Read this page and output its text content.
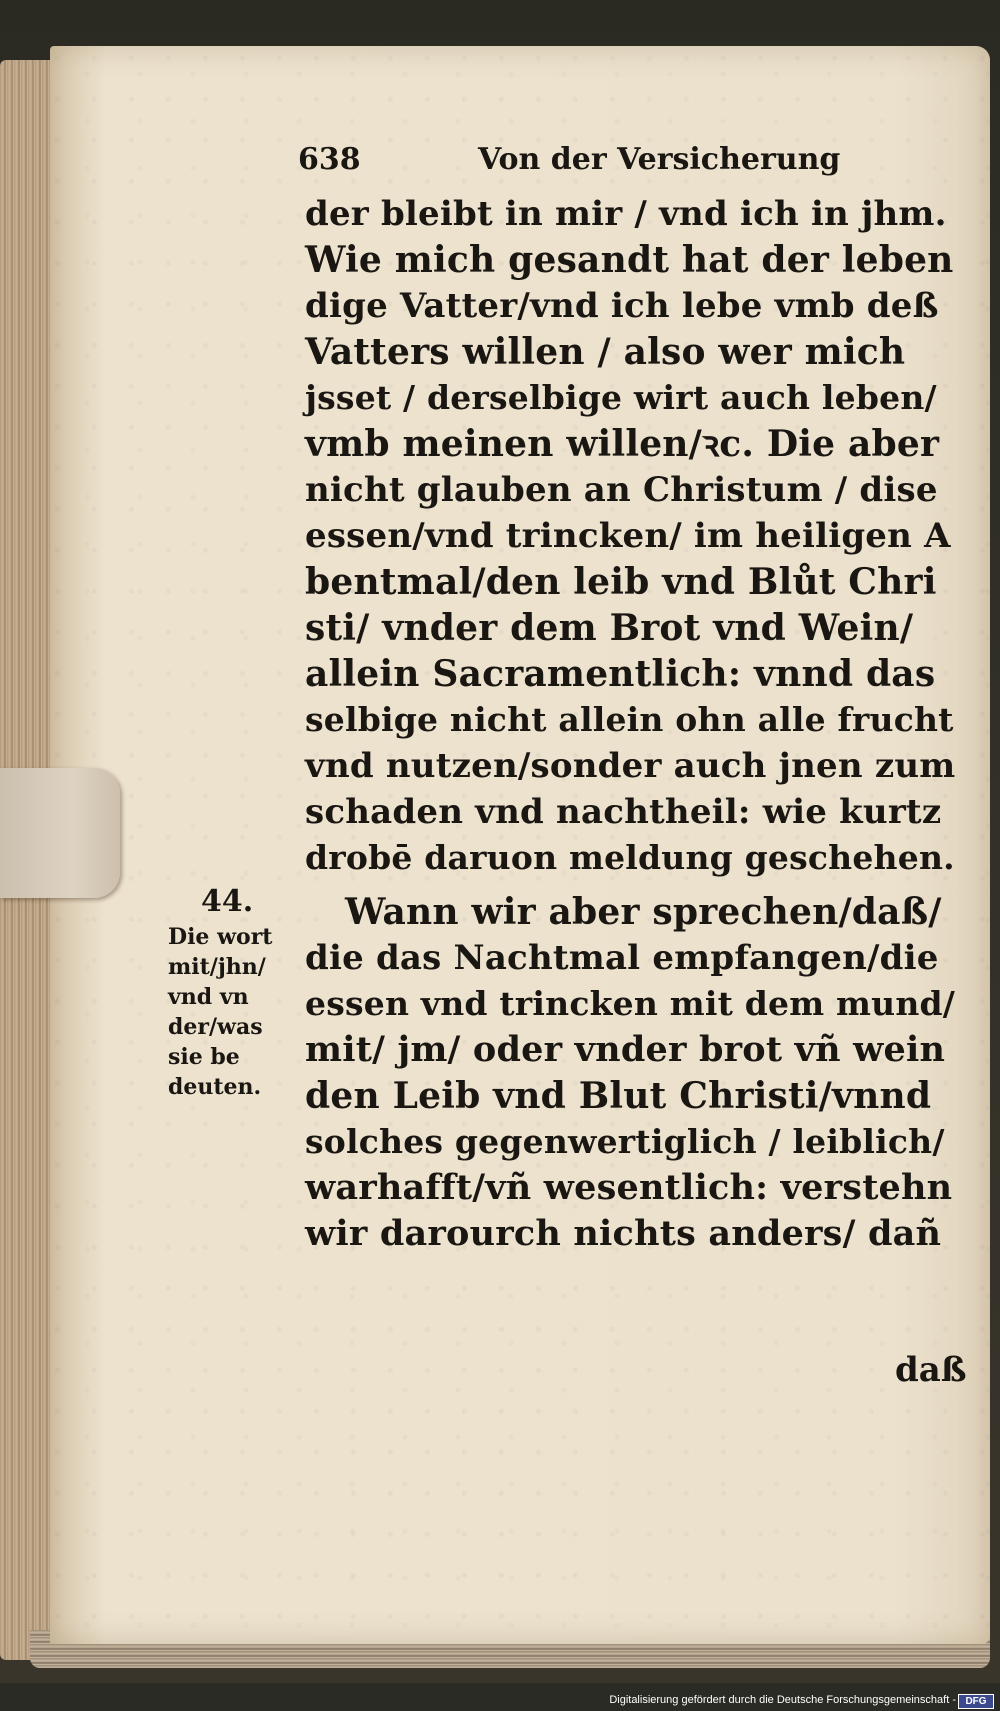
638	Von der Versicherung
der bleibt in mir / vnd ich in jhm.
Wie mich gesandt hat der leben
dige Vatter/vnd ich lebe vmb deß
Vatters willen / also wer mich
jsset / derselbige wirt auch leben/
vmb meinen willen/ꝛc. Die aber
nicht glauben an Christum / dise
essen/vnd trincken/ im heiligen A
bentmal/den leib vnd Blůt Chri
sti/ vnder dem Brot vnd Wein/
allein Sacramentlich: vnnd das
selbige nicht allein ohn alle frucht
vnd nutzen/sonder auch jnen zum
schaden vnd nachtheil: wie kurtz
drobē daruon meldung geschehen.
Wann wir aber sprechen/daß/
die das Nachtmal empfangen/die
essen vnd trincken mit dem mund/
mit/ jm/ oder vnder brot vñ wein
den Leib vnd Blut Christi/vnnd
solches gegenwertiglich / leiblich/
warhafft/vñ wesentlich: verstehn
wir darourch nichts anders/ dañ
daß
44.
Die wort
mit/jhn/
vnd vn
der/was
sie be
deuten.
Digitalisierung gefördert durch die Deutsche Forschungsgemeinschaft - DFG
